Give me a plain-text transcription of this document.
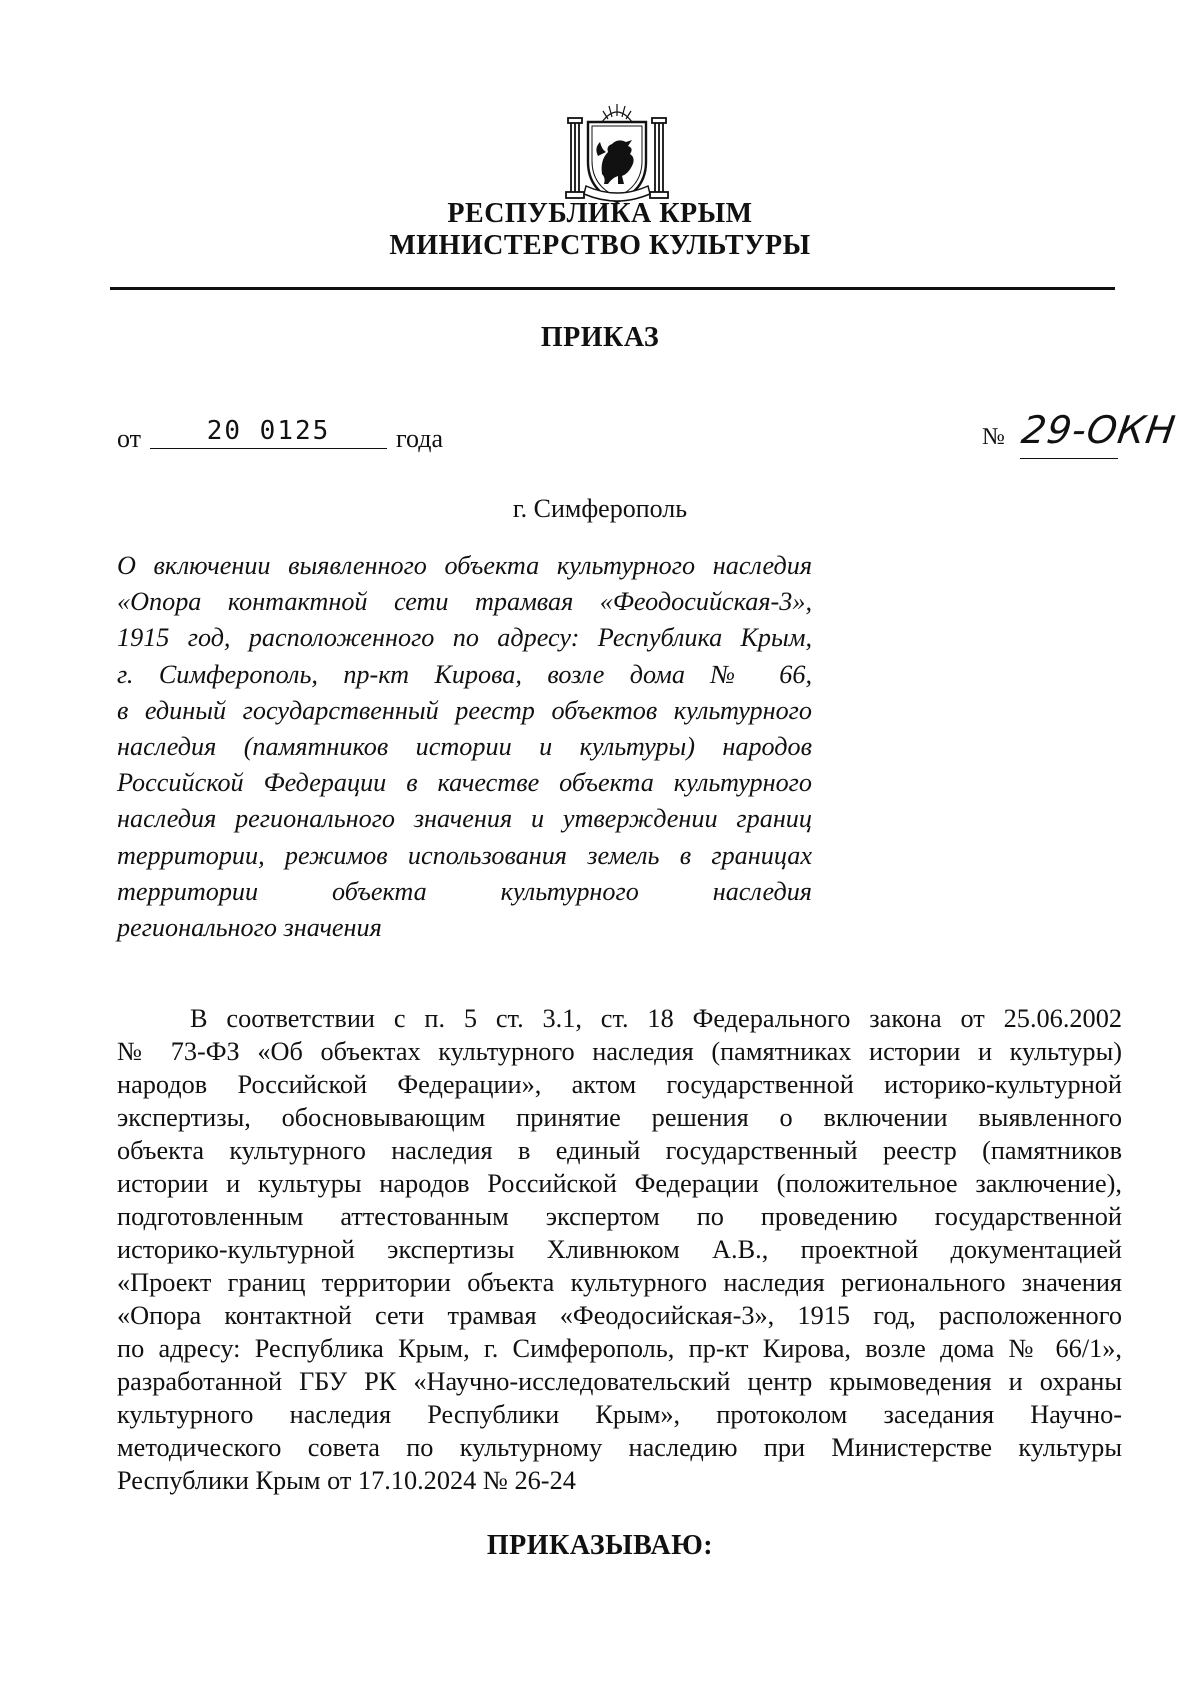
РЕСПУБЛИКА КРЫМ
МИНИСТЕРСТВО КУЛЬТУРЫ
ПРИКАЗ
от	20 0125	года	№ 29-ОКН
г. Симферополь
О включении выявленного объекта культурного наследия
«Опора контактной сети трамвая «Феодосийская-3»,
1915 год, расположенного по адресу: Республика Крым,
г. Симферополь, пр-кт Кирова, возле дома № 66,
в единый государственный реестр объектов культурного
наследия (памятников истории и культуры) народов
Российской Федерации в качестве объекта культурного
наследия регионального значения и утверждении границ
территории, режимов использования земель в границах
территории объекта культурного наследия
регионального значения
В соответствии с п. 5 ст. 3.1, ст. 18 Федерального закона от 25.06.2002
№ 73-ФЗ «Об объектах культурного наследия (памятниках истории и культуры)
народов Российской Федерации», актом государственной историко-культурной
экспертизы, обосновывающим принятие решения о включении выявленного
объекта культурного наследия в единый государственный реестр (памятников
истории и культуры народов Российской Федерации (положительное заключение),
подготовленным аттестованным экспертом по проведению государственной
историко-культурной экспертизы Хливнюком А.В., проектной документацией
«Проект границ территории объекта культурного наследия регионального значения
«Опора контактной сети трамвая «Феодосийская-3», 1915 год, расположенного
по адресу: Республика Крым, г. Симферополь, пр-кт Кирова, возле дома № 66/1»,
разработанной ГБУ РК «Научно-исследовательский центр крымоведения и охраны
культурного наследия Республики Крым», протоколом заседания Научно-
методического совета по культурному наследию при Министерстве культуры
Республики Крым от 17.10.2024 № 26-24
ПРИКАЗЫВАЮ:
